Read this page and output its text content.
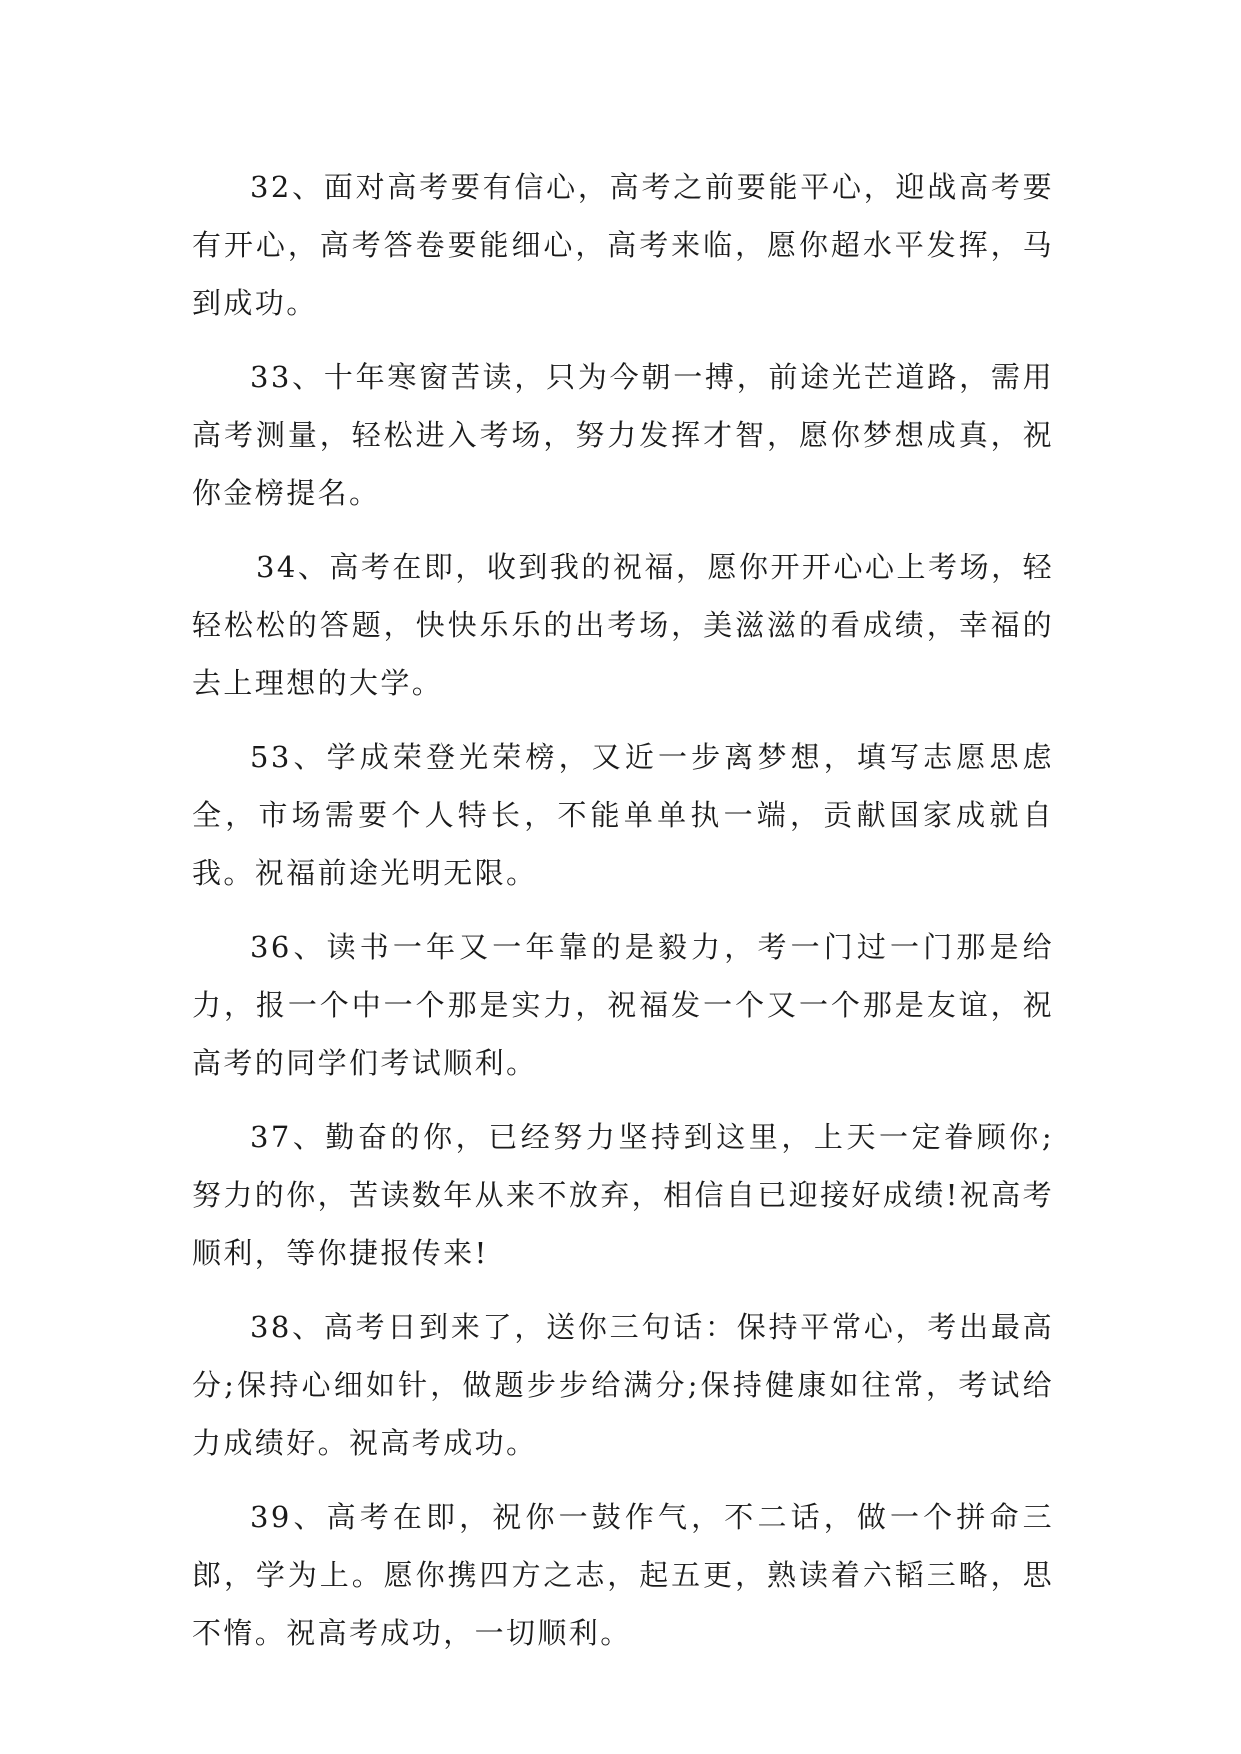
32、面对高考要有信心，高考之前要能平心，迎战高考要有开心，高考答卷要能细心，高考来临，愿你超水平发挥，马到成功。

33、十年寒窗苦读，只为今朝一搏，前途光芒道路，需用高考测量，轻松进入考场，努力发挥才智，愿你梦想成真，祝你金榜提名。

34、高考在即，收到我的祝福，愿你开开心心上考场，轻轻松松的答题，快快乐乐的出考场，美滋滋的看成绩，幸福的去上理想的大学。

53、学成荣登光荣榜，又近一步离梦想，填写志愿思虑全，市场需要个人特长，不能单单执一端，贡献国家成就自我。祝福前途光明无限。

36、读书一年又一年靠的是毅力，考一门过一门那是给力，报一个中一个那是实力，祝福发一个又一个那是友谊，祝高考的同学们考试顺利。

37、勤奋的你，已经努力坚持到这里，上天一定眷顾你;努力的你，苦读数年从来不放弃，相信自已迎接好成绩!祝高考顺利，等你捷报传来!

38、高考日到来了，送你三句话：保持平常心，考出最高分;保持心细如针，做题步步给满分;保持健康如往常，考试给力成绩好。祝高考成功。

39、高考在即，祝你一鼓作气，不二话，做一个拼命三郎，学为上。愿你携四方之志，起五更，熟读着六韬三略，思不惰。祝高考成功，一切顺利。
